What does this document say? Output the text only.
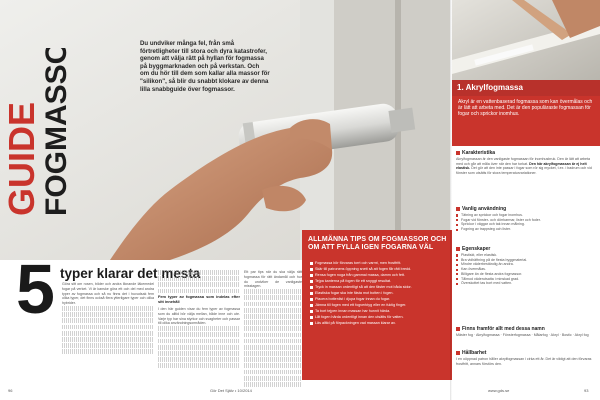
GUIDE
FOGMASSOR	Du undviker många fel, från små förtretligheter till stora och dyra katastrofer, genom att välja rätt på hyllan för fogmassa på byggmarknaden och på verkstan. Och om du hör till dem som kallar alla massor för "silikon", så blir du snabbt klokare av denna lilla snabbguide över fogmassor.
5 typer klarar det mesta
Göra sitt om rosen, bilder och andra liknande läkemedel fogar på verket. Vi är kanske göra ett och del med andra typer av fogmassa och så nu finns det i huvudsak fem olika typer, det finns också flera ytterligare typer och olika hybrider.
Fem typer av fogmassa som indelas efter sitt innehåll
I den här guiden visar du fem typer av fogmassa som du alltid bör välja mellan, både inne och ute. Varje typ har sina styrkor och svagheter och passar till olika användningsområden.
Ett par tips när du ska välja rätt fogmassa för rätt ändamål och hur du undviker de vanligaste misstagen.
ALLMÄNNA TIPS OM FOGMASSOR OCH OM ATT FYLLA IGEN FOGARNA VÄL
Fogmassa bör förvaras torrt och varmt, men frostfritt.
Skär till patronens öppning snett så att fogen får rätt bredd.
Rensa fogen noga från gammal massa, damm och fett.
Tejpa kanterna på fogen för ett snyggt resultat.
Tryck in massan ordentligt så att den fäster mot båda sidor.
Elastiska fogar ska inte fästa mot botten i fogen.
Placera bottenlist i djupa fogar innan du fogar.
Jämna till fogen med ett fogverktyg eller en fuktig finger.
Ta bort tejpen innan massan har hunnit härda.
Låt fogen härda ordentligt innan den utsätts för vatten.
Läs alltid på förpackningen vad massan klarar av.
1. Akrylfogmassa
Akryl är en vattenbaserad fogmassa som kan övermålas och är lätt att arbeta med. Det är den populäraste fogmassan för fogar och sprickor inomhus.
Karakteristika
Akrylfogmassan är den vanligaste fogmassan för inomhusbruk. Den är lätt att arbeta med och går att måla över när den har torkat. Den här akrylfogmassan är ej helt elastisk. Det gör att den inte passar i fogar som rör sig mycket, t.ex. i badrum och vid fönster som utsätts för stora temperaturvariationer.
Vanlig användning
Tätning av sprickor och fogar inomhus.
Fogar vid fönster- och dörrkarmar, lister och foder.
Sprickor i väggar och tak innan målning.
Fogning av trappsteg och lister.
Egenskaper
Plastiskt, eller elastisk.
Bra vidhäftning på de flesta byggmaterial.
Mindre väderbeständig än andra.
Kan övermålas.
Billigare än de flesta andra fogmassor.
Tålmod väderutsatta i minskad grad.
Överskottet tas bort med vatten.
Finns framför allt med dessa namn
Mäster fog · Akrylfogmassa · Fönsterfogmassa · Målarfog · Akryl · Bostic · Akryl fog
Hållbarhet
I en oöppnad patron håller akrylfogmassan i cirka ett år. Det är viktigt att den förvaras frostfritt, annars förstörs den.
96	Gör Det Själv • 10/2014	www.gds.se	93
